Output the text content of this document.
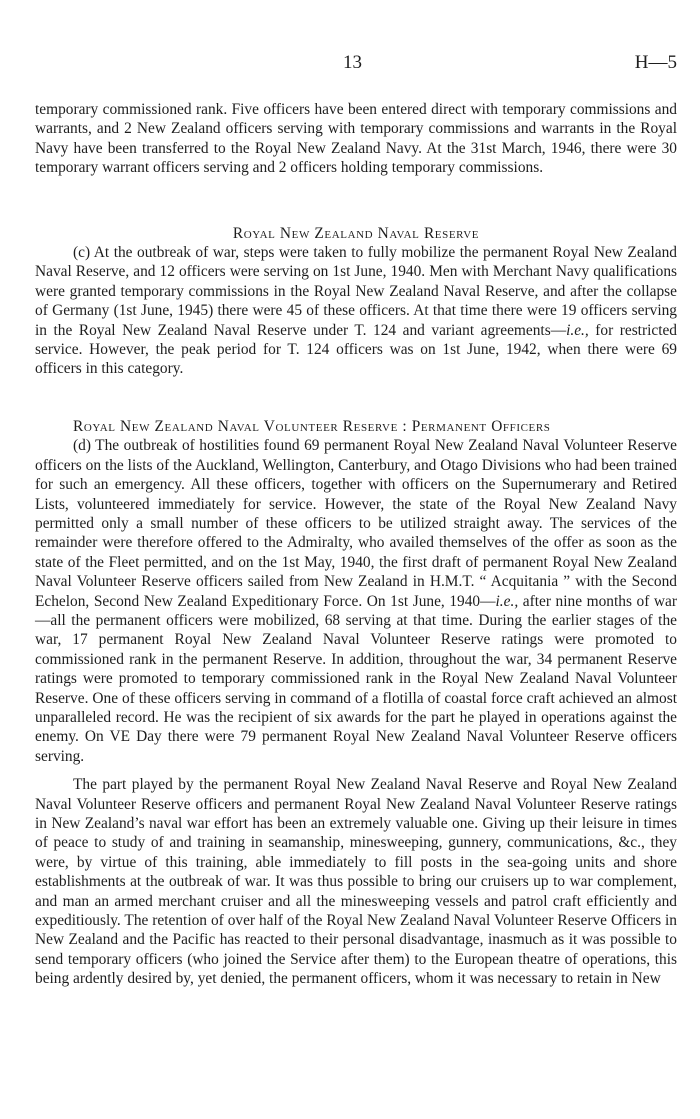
13	H—5

temporary commissioned rank. Five officers have been entered direct with temporary commissions and warrants, and 2 New Zealand officers serving with temporary commissions and warrants in the Royal Navy have been transferred to the Royal New Zealand Navy. At the 31st March, 1946, there were 30 temporary warrant officers serving and 2 officers holding temporary commissions.

Royal New Zealand Naval Reserve

(c) At the outbreak of war, steps were taken to fully mobilize the permanent Royal New Zealand Naval Reserve, and 12 officers were serving on 1st June, 1940. Men with Merchant Navy qualifications were granted temporary commissions in the Royal New Zealand Naval Reserve, and after the collapse of Germany (1st June, 1945) there were 45 of these officers. At that time there were 19 officers serving in the Royal New Zealand Naval Reserve under T. 124 and variant agreements—i.e., for restricted service. However, the peak period for T. 124 officers was on 1st June, 1942, when there were 69 officers in this category.

Royal New Zealand Naval Volunteer Reserve : Permanent Officers

(d) The outbreak of hostilities found 69 permanent Royal New Zealand Naval Volunteer Reserve officers on the lists of the Auckland, Wellington, Canterbury, and Otago Divisions who had been trained for such an emergency. All these officers, together with officers on the Supernumerary and Retired Lists, volunteered immediately for service. However, the state of the Royal New Zealand Navy permitted only a small number of these officers to be utilized straight away. The services of the remainder were therefore offered to the Admiralty, who availed themselves of the offer as soon as the state of the Fleet permitted, and on the 1st May, 1940, the first draft of permanent Royal New Zealand Naval Volunteer Reserve officers sailed from New Zealand in H.M.T. “ Acquitania ” with the Second Echelon, Second New Zealand Expeditionary Force. On 1st June, 1940—i.e., after nine months of war—all the permanent officers were mobilized, 68 serving at that time. During the earlier stages of the war, 17 permanent Royal New Zealand Naval Volunteer Reserve ratings were promoted to commissioned rank in the permanent Reserve. In addition, throughout the war, 34 permanent Reserve ratings were promoted to temporary commissioned rank in the Royal New Zealand Naval Volunteer Reserve. One of these officers serving in command of a flotilla of coastal force craft achieved an almost unparalleled record. He was the recipient of six awards for the part he played in operations against the enemy. On VE Day there were 79 permanent Royal New Zealand Naval Volunteer Reserve officers serving.

The part played by the permanent Royal New Zealand Naval Reserve and Royal New Zealand Naval Volunteer Reserve officers and permanent Royal New Zealand Naval Volunteer Reserve ratings in New Zealand’s naval war effort has been an extremely valuable one. Giving up their leisure in times of peace to study of and training in seamanship, minesweeping, gunnery, communications, &c., they were, by virtue of this training, able immediately to fill posts in the sea-going units and shore establishments at the outbreak of war. It was thus possible to bring our cruisers up to war complement, and man an armed merchant cruiser and all the minesweeping vessels and patrol craft efficiently and expeditiously. The retention of over half of the Royal New Zealand Naval Volunteer Reserve Officers in New Zealand and the Pacific has reacted to their personal disadvantage, inasmuch as it was possible to send temporary officers (who joined the Service after them) to the European theatre of operations, this being ardently desired by, yet denied, the permanent officers, whom it was necessary to retain in New
